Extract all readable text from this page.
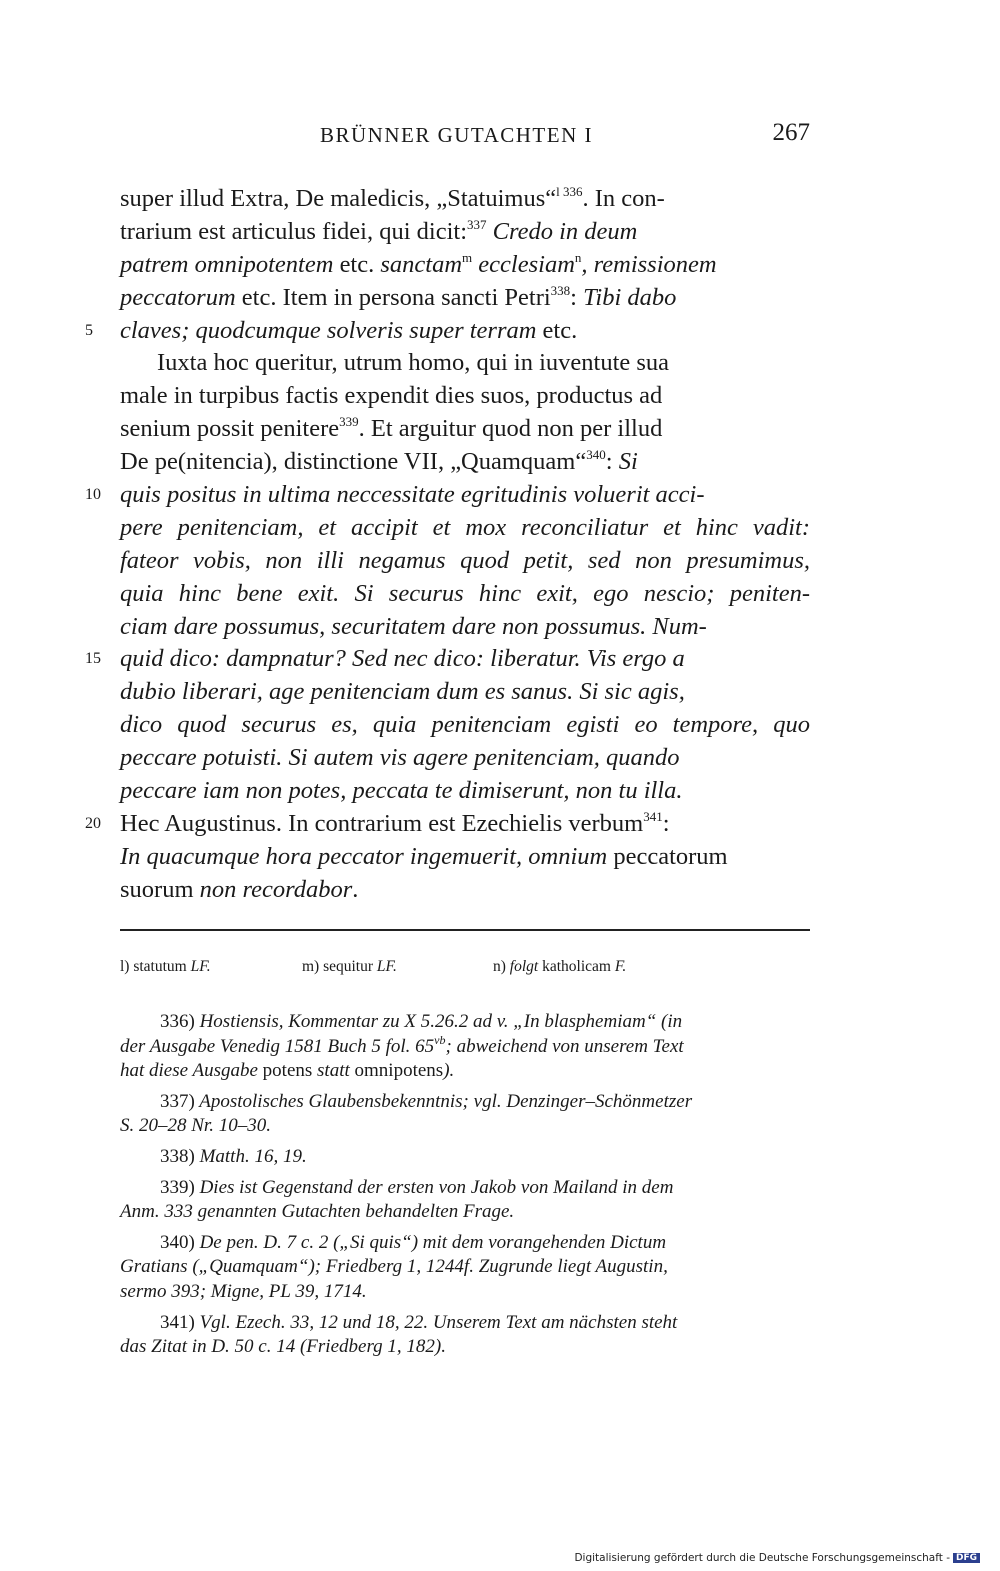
BRÜNNER GUTACHTEN I	267
super illud Extra, De maledicis, „Statuimus“$^{l 336}$. In con-
trarium est articulus fidei, qui dicit:$^{337}$ Credo in deum
patrem omnipotentem etc. sanctam$^m$ ecclesiam$^n$, remissionem
peccatorum etc. Item in persona sancti Petri$^{338}$: Tibi dabo
5 claves; quodcumque solveris super terram etc.
Iuxta hoc queritur, utrum homo, qui in iuventute sua
male in turpibus factis expendit dies suos, productus ad
senium possit penitere$^{339}$. Et arguitur quod non per illud
De pe(nitencia), distinctione VII, „Quamquam“$^{340}$: Si
10 quis positus in ultima neccessitate egritudinis voluerit acci-
pere penitenciam, et accipit et mox reconciliatur et hinc vadit:
fateor vobis, non illi negamus quod petit, sed non presumimus,
quia hinc bene exit. Si securus hinc exit, ego nescio; peniten-
ciam dare possumus, securitatem dare non possumus. Num-
15 quid dico: dampnatur? Sed nec dico: liberatur. Vis ergo a
dubio liberari, age penitenciam dum es sanus. Si sic agis,
dico quod securus es, quia penitenciam egisti eo tempore, quo
peccare potuisti. Si autem vis agere penitenciam, quando
peccare iam non potes, peccata te dimiserunt, non tu illa.
20 Hec Augustinus. In contrarium est Ezechielis verbum$^{341}$:
In quacumque hora peccator ingemuerit, omnium peccatorum
suorum non recordabor.
l) statutum LF.	m) sequitur LF.	n) folgt katholicam F.
336) Hostiensis, Kommentar zu X 5.26.2 ad v. „In blasphemiam“ (in
der Ausgabe Venedig 1581 Buch 5 fol. $65^{vb}$; abweichend von unserem Text
hat diese Ausgabe potens statt omnipotens).
337) Apostolisches Glaubensbekenntnis; vgl. Denzinger–Schönmetzer
S. 20–28 Nr. 10–30.
338) Matth. 16, 19.
339) Dies ist Gegenstand der ersten von Jakob von Mailand in dem
Anm. 333 genannten Gutachten behandelten Frage.
340) De pen. D. 7 c. 2 („Si quis“) mit dem vorangehenden Dictum
Gratians („Quamquam“); Friedberg 1, 1244f. Zugrunde liegt Augustin,
sermo 393; Migne, PL 39, 1714.
341) Vgl. Ezech. 33, 12 und 18, 22. Unserem Text am nächsten steht
das Zitat in D. 50 c. 14 (Friedberg 1, 182).
Digitalisierung gefördert durch die Deutsche Forschungsgemeinschaft - DFG
